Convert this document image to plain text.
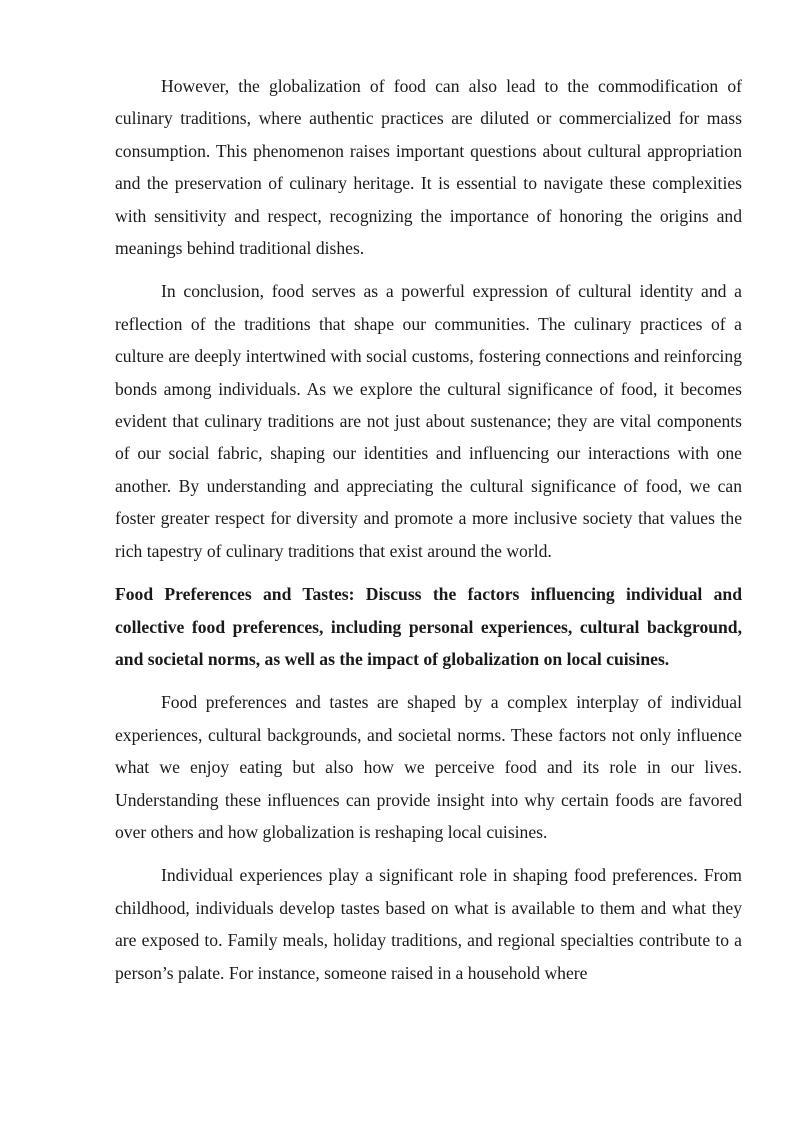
However, the globalization of food can also lead to the commodification of culinary traditions, where authentic practices are diluted or commercialized for mass consumption. This phenomenon raises important questions about cultural appropriation and the preservation of culinary heritage. It is essential to navigate these complexities with sensitivity and respect, recognizing the importance of honoring the origins and meanings behind traditional dishes.

In conclusion, food serves as a powerful expression of cultural identity and a reflection of the traditions that shape our communities. The culinary practices of a culture are deeply intertwined with social customs, fostering connections and reinforcing bonds among individuals. As we explore the cultural significance of food, it becomes evident that culinary traditions are not just about sustenance; they are vital components of our social fabric, shaping our identities and influencing our interactions with one another. By understanding and appreciating the cultural significance of food, we can foster greater respect for diversity and promote a more inclusive society that values the rich tapestry of culinary traditions that exist around the world.

Food Preferences and Tastes: Discuss the factors influencing individual and collective food preferences, including personal experiences, cultural background, and societal norms, as well as the impact of globalization on local cuisines.

Food preferences and tastes are shaped by a complex interplay of individual experiences, cultural backgrounds, and societal norms. These factors not only influence what we enjoy eating but also how we perceive food and its role in our lives. Understanding these influences can provide insight into why certain foods are favored over others and how globalization is reshaping local cuisines.

Individual experiences play a significant role in shaping food preferences. From childhood, individuals develop tastes based on what is available to them and what they are exposed to. Family meals, holiday traditions, and regional specialties contribute to a person’s palate. For instance, someone raised in a household where
